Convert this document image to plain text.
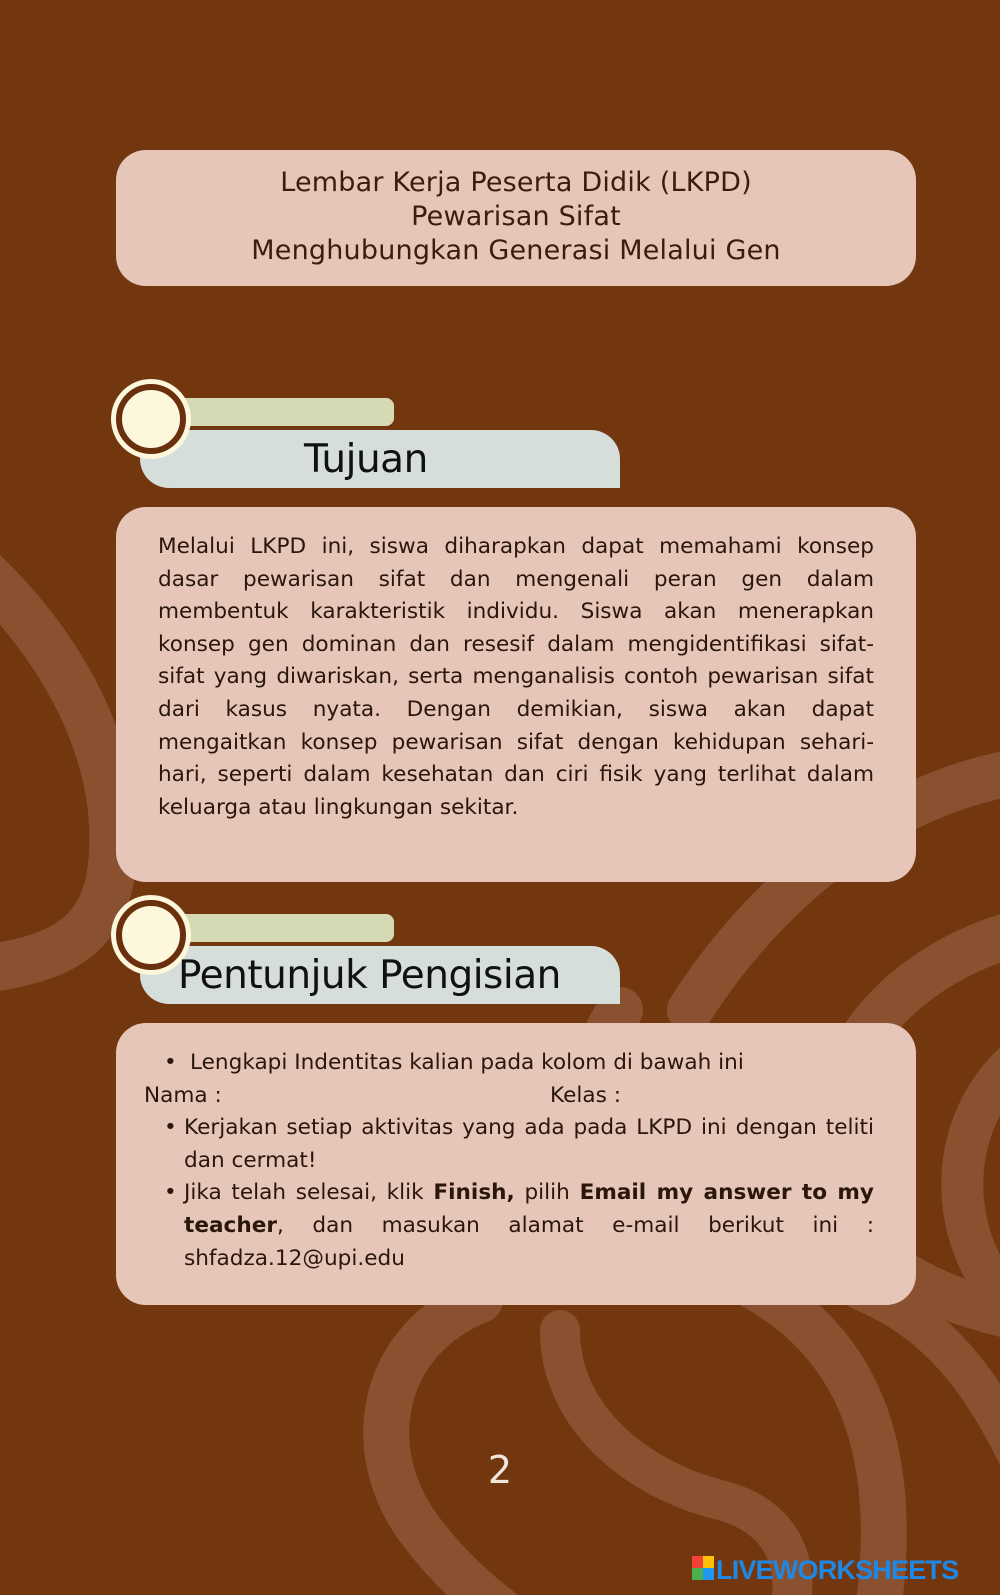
Lembar Kerja Peserta Didik (LKPD)
Pewarisan Sifat
Menghubungkan Generasi Melalui Gen
Tujuan

Melalui LKPD ini, siswa diharapkan dapat memahami konsep dasar pewarisan sifat dan mengenali peran gen dalam membentuk karakteristik individu. Siswa akan menerapkan konsep gen dominan dan resesif dalam mengidentifikasi sifat-sifat yang diwariskan, serta menganalisis contoh pewarisan sifat dari kasus nyata. Dengan demikian, siswa akan dapat mengaitkan konsep pewarisan sifat dengan kehidupan sehari-hari, seperti dalam kesehatan dan ciri fisik yang terlihat dalam keluarga atau lingkungan sekitar.

Pentunjuk Pengisian
• Lengkapi Indentitas kalian pada kolom di bawah ini
Nama :	Kelas :
• Kerjakan setiap aktivitas yang ada pada LKPD ini dengan teliti dan cermat!
• Jika telah selesai, klik Finish, pilih Email my answer to my teacher, dan masukan alamat e-mail berikut ini : shfadza.12@upi.edu
2
LIVEWORKSHEETS
